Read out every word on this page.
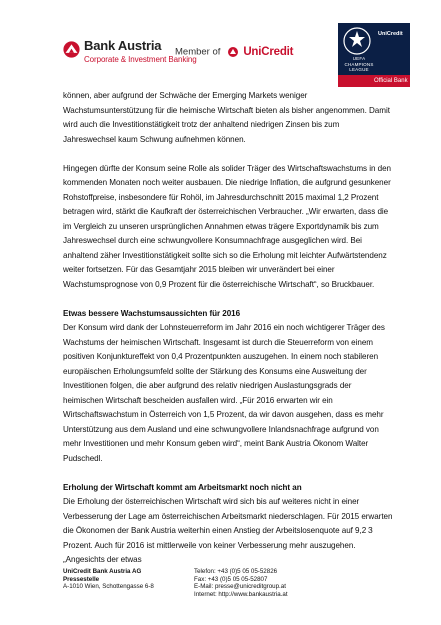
Bank Austria
Corporate & Investment Banking
Member of UniCredit
UEFA CHAMPIONS LEAGUE
UniCredit
Official Bank

können, aber aufgrund der Schwäche der Emerging Markets weniger Wachstumsunterstützung für die heimische Wirtschaft bieten als bisher angenommen. Damit wird auch die Investitionstätigkeit trotz der anhaltend niedrigen Zinsen bis zum Jahreswechsel kaum Schwung aufnehmen können.

Hingegen dürfte der Konsum seine Rolle als solider Träger des Wirtschaftswachstums in den kommenden Monaten noch weiter ausbauen. Die niedrige Inflation, die aufgrund gesunkener Rohstoffpreise, insbesondere für Rohöl, im Jahresdurchschnitt 2015 maximal 1,2 Prozent betragen wird, stärkt die Kaufkraft der österreichischen Verbraucher. „Wir erwarten, dass die im Vergleich zu unseren ursprünglichen Annahmen etwas trägere Exportdynamik bis zum Jahreswechsel durch eine schwungvollere Konsumnachfrage ausgeglichen wird. Bei anhaltend zäher Investitionstätigkeit sollte sich so die Erholung mit leichter Aufwärtstendenz weiter fortsetzen. Für das Gesamtjahr 2015 bleiben wir unverändert bei einer Wachstumsprognose von 0,9 Prozent für die österreichische Wirtschaft“, so Bruckbauer.

Etwas bessere Wachstumsaussichten für 2016

Der Konsum wird dank der Lohnsteuerreform im Jahr 2016 ein noch wichtigerer Träger des Wachstums der heimischen Wirtschaft. Insgesamt ist durch die Steuerreform von einem positiven Konjunktureffekt von 0,4 Prozentpunkten auszugehen. In einem noch stabileren europäischen Erholungsumfeld sollte der Stärkung des Konsums eine Ausweitung der Investitionen folgen, die aber aufgrund des relativ niedrigen Auslastungsgrads der heimischen Wirtschaft bescheiden ausfallen wird. „Für 2016 erwarten wir ein Wirtschaftswachstum in Österreich von 1,5 Prozent, da wir davon ausgehen, dass es mehr Unterstützung aus dem Ausland und eine schwungvollere Inlandsnachfrage aufgrund von mehr Investitionen und mehr Konsum geben wird“, meint Bank Austria Ökonom Walter Pudschedl.

Erholung der Wirtschaft kommt am Arbeitsmarkt noch nicht an

Die Erholung der österreichischen Wirtschaft wird sich bis auf weiteres nicht in einer Verbesserung der Lage am österreichischen Arbeitsmarkt niederschlagen. Für 2015 erwarten die Ökonomen der Bank Austria weiterhin einen Anstieg der Arbeitslosenquote auf 9,2 Prozent. Auch für 2016 ist mittlerweile von keiner Verbesserung mehr auszugehen. „Angesichts der etwas

3
UniCredit Bank Austria AG
Pressestelle
A-1010 Wien, Schottengasse 6-8
Telefon: +43 (0)5 05 05-52826
Fax: +43 (0)5 05 05-52807
E-Mail: presse@unicreditgroup.at
Internet: http://www.bankaustria.at
